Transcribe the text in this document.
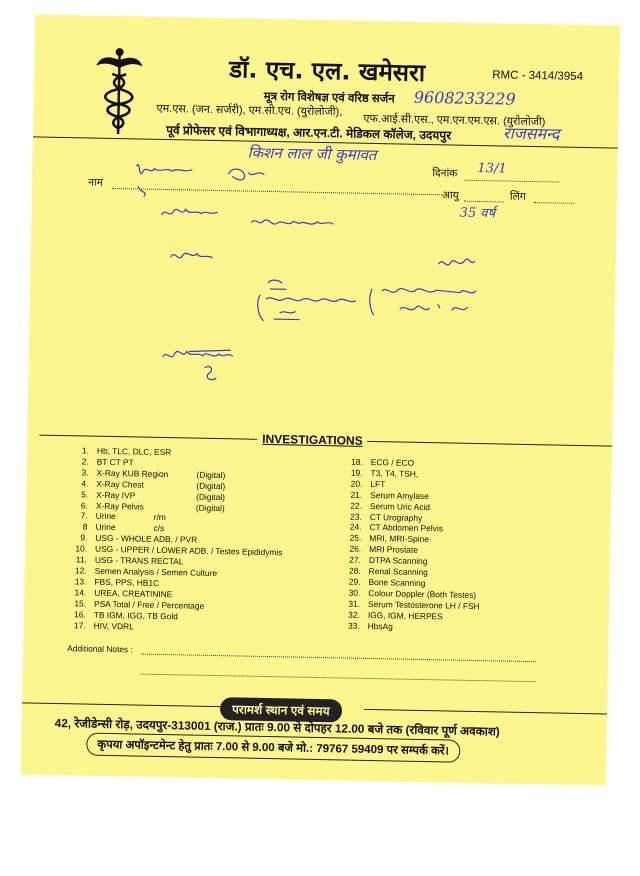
डॉ. एच. एल. खमेसरा	RMC - 3414/3954
मूत्र रोग विशेषज्ञ एवं वरिष्ठ सर्जन
एम.एस. (जन. सर्जरी), एम.सी.एच. (युरोलोजी),
एफ.आई.सी.एस., एम.एन.एम.एस. (युरोलोजी)
पूर्व प्रोफेसर एवं विभागाध्यक्ष, आर.एन.टी. मेडिकल कॉलेज, उदयपुर
9608233229
राजसमन्द
किशन लाल जी कुमावत
दिनांक 13/1
नाम
आयु	लिंग
35 वर्ष
INVESTIGATIONS
1. Hb, TLC, DLC, ESR
2. BT CT PT
3. X-Ray KUB Region	(Digital)
4. X-Ray Chest	(Digital)
5. X-Ray IVP	(Digital)
6. X-Ray Pelvis	(Digital)
7. Urine	r/m
8 Urine	c/s
9. USG - WHOLE ADB. / PVR
10. USG - UPPER / LOWER ADB. / Testes Epididymis
11. USG - TRANS RECTAL
12. Semen Analysis / Semen Culture
13. FBS, PPS, HB1C
14. UREA, CREATININE
15. PSA Total / Free / Percentage
16. TB IGM, IGG, TB Gold
17. HIV, VDRL
18. ECG / ECO
19. T3, T4, TSH,
20. LFT
21. Serum Amylase
22. Serum Uric Acid
23. CT Urography
24. CT Abdomen Pelvis
25. MRI, MRI-Spine
26. MRI Prostate
27. DTPA Scanning
28. Renal Scanning
29. Bone Scanning
30. Colour Doppler (Both Testes)
31. Serum Testosterone LH / FSH
32. IGG, IGM, HERPES
33. HbsAg
Additional Notes :
परामर्श स्थान एवं समय
42, रेजीडेन्सी रोड़, उदयपुर-313001 (राज.) प्रातः 9.00 से दोपहर 12.00 बजे तक (रविवार पूर्ण अवकाश)
कृपया अपॉइन्टमेन्ट हेतु प्रातः 7.00 से 9.00 बजे मो.: 79767 59409 पर सम्पर्क करें।
